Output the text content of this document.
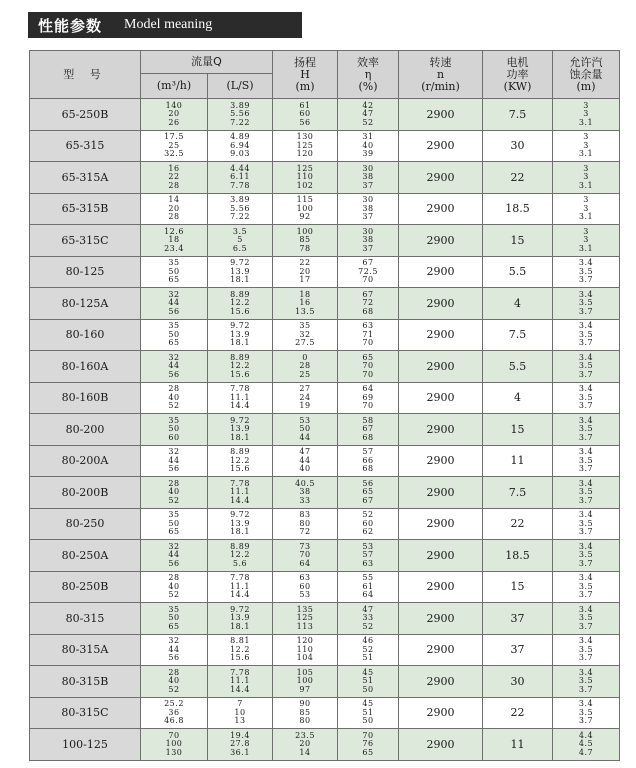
性能参数 Model meaning
型 号	流量Q		扬程
H
(m)	效率
η
(%)	转速
n
(r/min)	电机
功率
(KW)	允许汽
蚀余量
(m)

	(m³/h)	(L/S)					
65-250B	140
20
26	3.89
5.56
7.22	61
60
56	42
47
52	2900	7.5	3
3
3.1

65-315	17.5
25
32.5	4.89
6.94
9.03	130
125
120	31
40
39	2900	30	3
3
3.1

65-315A	16
22
28	4.44
6.11
7.78	125
110
102	30
38
37	2900	22	3
3
3.1

65-315B	14
20
28	3.89
5.56
7.22	115
100
92	30
38
37	2900	18.5	3
3
3.1

65-315C	12.6
18
23.4	3.5
5
6.5	100
85
78	30
38
37	2900	15	3
3
3.1

80-125	35
50
65	9.72
13.9
18.1	22
20
17	67
72.5
70	2900	5.5	3.4
3.5
3.7

80-125A	32
44
56	8.89
12.2
15.6	18
16
13.5	67
72
68	2900	4	3.4
3.5
3.7

80-160	35
50
65	9.72
13.9
18.1	35
32
27.5	63
71
70	2900	7.5	3.4
3.5
3.7

80-160A	32
44
56	8.89
12.2
15.6	0
28
25	65
70
70	2900	5.5	3.4
3.5
3.7

80-160B	28
40
52	7.78
11.1
14.4	27
24
19	64
69
70	2900	4	3.4
3.5
3.7

80-200	35
50
60	9.72
13.9
18.1	53
50
44	58
67
68	2900	15	3.4
3.5
3.7

80-200A	32
44
56	8.89
12.2
15.6	47
44
40	57
66
68	2900	11	3.4
3.5
3.7

80-200B	28
40
52	7.78
11.1
14.4	40.5
38
33	56
65
67	2900	7.5	3.4
3.5
3.7

80-250	35
50
65	9.72
13.9
18.1	83
80
72	52
60
62	2900	22	3.4
3.5
3.7

80-250A	32
44
56	8.89
12.2
5.6	73
70
64	53
57
63	2900	18.5	3.4
3.5
3.7

80-250B	28
40
52	7.78
11.1
14.4	63
60
53	55
61
64	2900	15	3.4
3.5
3.7

80-315	35
50
65	9.72
13.9
18.1	135
125
113	47
33
52	2900	37	3.4
3.5
3.7

80-315A	32
44
56	8.81
12.2
15.6	120
110
104	46
52
51	2900	37	3.4
3.5
3.7

80-315B	28
40
52	7.78
11.1
14.4	105
100
97	45
51
50	2900	30	3.4
3.5
3.7

80-315C	25.2
36
46.8	7
10
13	90
85
80	45
51
50	2900	22	3.4
3.5
3.7

100-125	70
100
130	19.4
27.8
36.1	23.5
20
14	70
76
65	2900	11	4.4
4.5
4.7
